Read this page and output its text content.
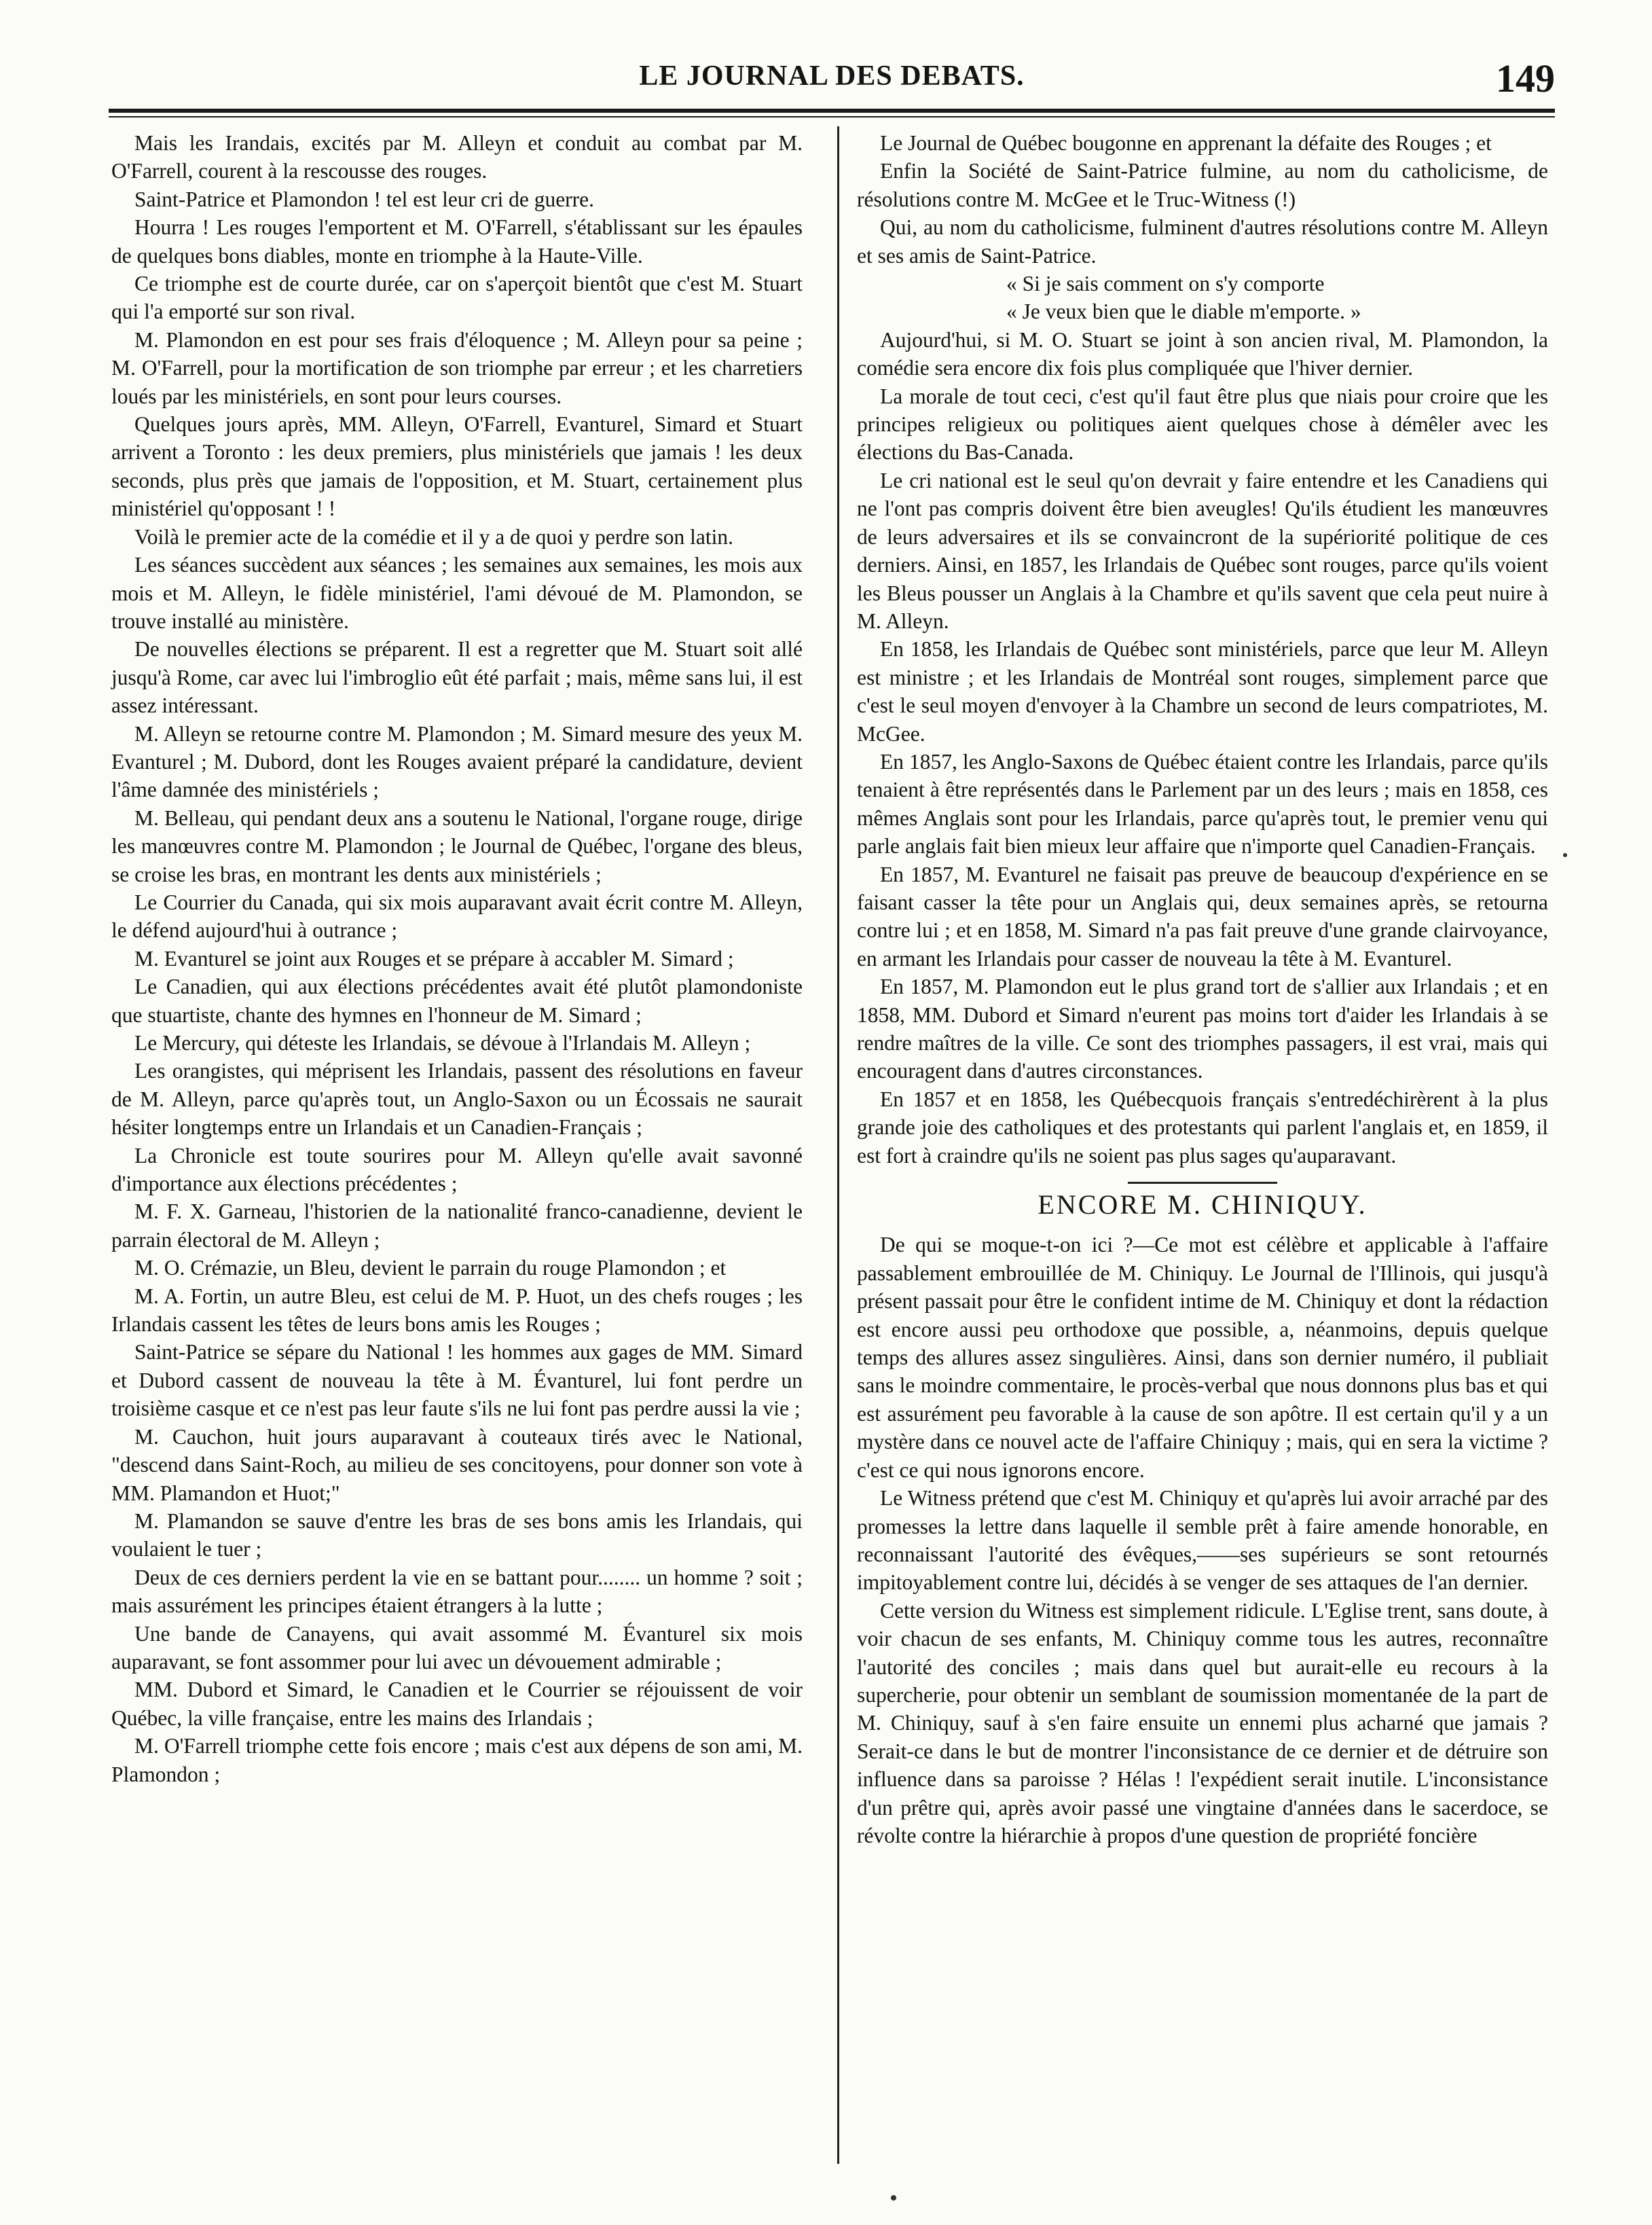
LE JOURNAL DES DEBATS.	149

Mais les Irandais, excités par M. Alleyn et conduit au combat par M. O'Farrell, courent à la rescousse des rouges.

Saint-Patrice et Plamondon ! tel est leur cri de guerre.

Hourra ! Les rouges l'emportent et M. O'Farrell, s'établissant sur les épaules de quelques bons diables, monte en triomphe à la Haute-Ville.

Ce triomphe est de courte durée, car on s'aperçoit bientôt que c'est M. Stuart qui l'a emporté sur son rival.

M. Plamondon en est pour ses frais d'éloquence ; M. Alleyn pour sa peine ; M. O'Farrell, pour la mortification de son triomphe par erreur ; et les charretiers loués par les ministériels, en sont pour leurs courses.

Quelques jours après, MM. Alleyn, O'Farrell, Evanturel, Simard et Stuart arrivent a Toronto : les deux premiers, plus ministériels que jamais ! les deux seconds, plus près que jamais de l'opposition, et M. Stuart, certainement plus ministériel qu'opposant ! !

Voilà le premier acte de la comédie et il y a de quoi y perdre son latin.

Les séances succèdent aux séances ; les semaines aux semaines, les mois aux mois et M. Alleyn, le fidèle ministériel, l'ami dévoué de M. Plamondon, se trouve installé au ministère.

De nouvelles élections se préparent. Il est a regretter que M. Stuart soit allé jusqu'à Rome, car avec lui l'imbroglio eût été parfait ; mais, même sans lui, il est assez intéressant.

M. Alleyn se retourne contre M. Plamondon ; M. Simard mesure des yeux M. Evanturel ; M. Dubord, dont les Rouges avaient préparé la candidature, devient l'âme damnée des ministériels ;

M. Belleau, qui pendant deux ans a soutenu le National, l'organe rouge, dirige les manœuvres contre M. Plamondon ; le Journal de Québec, l'organe des bleus, se croise les bras, en montrant les dents aux ministériels ;

Le Courrier du Canada, qui six mois auparavant avait écrit contre M. Alleyn, le défend aujourd'hui à outrance ;

M. Evanturel se joint aux Rouges et se prépare à accabler M. Simard ;

Le Canadien, qui aux élections précédentes avait été plutôt plamondoniste que stuartiste, chante des hymnes en l'honneur de M. Simard ;

Le Mercury, qui déteste les Irlandais, se dévoue à l'Irlandais M. Alleyn ;

Les orangistes, qui méprisent les Irlandais, passent des résolutions en faveur de M. Alleyn, parce qu'après tout, un Anglo-Saxon ou un Écossais ne saurait hésiter longtemps entre un Irlandais et un Canadien-Français ;

La Chronicle est toute sourires pour M. Alleyn qu'elle avait savonné d'importance aux élections précédentes ;

M. F. X. Garneau, l'historien de la nationalité franco-canadienne, devient le parrain électoral de M. Alleyn ;

M. O. Crémazie, un Bleu, devient le parrain du rouge Plamondon ; et

M. A. Fortin, un autre Bleu, est celui de M. P. Huot, un des chefs rouges ; les Irlandais cassent les têtes de leurs bons amis les Rouges ;

Saint-Patrice se sépare du National ! les hommes aux gages de MM. Simard et Dubord cassent de nouveau la tête à M. Évanturel, lui font perdre un troisième casque et ce n'est pas leur faute s'ils ne lui font pas perdre aussi la vie ;

M. Cauchon, huit jours auparavant à couteaux tirés avec le National, "descend dans Saint-Roch, au milieu de ses concitoyens, pour donner son vote à MM. Plamandon et Huot;"

M. Plamandon se sauve d'entre les bras de ses bons amis les Irlandais, qui voulaient le tuer ;

Deux de ces derniers perdent la vie en se battant pour........ un homme ? soit ; mais assurément les principes étaient étrangers à la lutte ;

Une bande de Canayens, qui avait assommé M. Évanturel six mois auparavant, se font assommer pour lui avec un dévouement admirable ;

MM. Dubord et Simard, le Canadien et le Courrier se réjouissent de voir Québec, la ville française, entre les mains des Irlandais ;

M. O'Farrell triomphe cette fois encore ; mais c'est aux dépens de son ami, M. Plamondon ;

Le Journal de Québec bougonne en apprenant la défaite des Rouges ; et

Enfin la Société de Saint-Patrice fulmine, au nom du catholicisme, de résolutions contre M. McGee et le Truc-Witness (!)

Qui, au nom du catholicisme, fulminent d'autres résolutions contre M. Alleyn et ses amis de Saint-Patrice.

« Si je sais comment on s'y comporte

« Je veux bien que le diable m'emporte. »

Aujourd'hui, si M. O. Stuart se joint à son ancien rival, M. Plamondon, la comédie sera encore dix fois plus compliquée que l'hiver dernier.

La morale de tout ceci, c'est qu'il faut être plus que niais pour croire que les principes religieux ou politiques aient quelques chose à démêler avec les élections du Bas-Canada.

Le cri national est le seul qu'on devrait y faire entendre et les Canadiens qui ne l'ont pas compris doivent être bien aveugles! Qu'ils étudient les manœuvres de leurs adversaires et ils se convaincront de la supériorité politique de ces derniers. Ainsi, en 1857, les Irlandais de Québec sont rouges, parce qu'ils voient les Bleus pousser un Anglais à la Chambre et qu'ils savent que cela peut nuire à M. Alleyn.

En 1858, les Irlandais de Québec sont ministériels, parce que leur M. Alleyn est ministre ; et les Irlandais de Montréal sont rouges, simplement parce que c'est le seul moyen d'envoyer à la Chambre un second de leurs compatriotes, M. McGee.

En 1857, les Anglo-Saxons de Québec étaient contre les Irlandais, parce qu'ils tenaient à être représentés dans le Parlement par un des leurs ; mais en 1858, ces mêmes Anglais sont pour les Irlandais, parce qu'après tout, le premier venu qui parle anglais fait bien mieux leur affaire que n'importe quel Canadien-Français.

En 1857, M. Evanturel ne faisait pas preuve de beaucoup d'expérience en se faisant casser la tête pour un Anglais qui, deux semaines après, se retourna contre lui ; et en 1858, M. Simard n'a pas fait preuve d'une grande clairvoyance, en armant les Irlandais pour casser de nouveau la tête à M. Evanturel.

En 1857, M. Plamondon eut le plus grand tort de s'allier aux Irlandais ; et en 1858, MM. Dubord et Simard n'eurent pas moins tort d'aider les Irlandais à se rendre maîtres de la ville. Ce sont des triomphes passagers, il est vrai, mais qui encouragent dans d'autres circonstances.

En 1857 et en 1858, les Québecquois français s'entredéchirèrent à la plus grande joie des catholiques et des protestants qui parlent l'anglais et, en 1859, il est fort à craindre qu'ils ne soient pas plus sages qu'auparavant.

ENCORE M. CHINIQUY.

De qui se moque-t-on ici ?—Ce mot est célèbre et applicable à l'affaire passablement embrouillée de M. Chiniquy. Le Journal de l'Illinois, qui jusqu'à présent passait pour être le confident intime de M. Chiniquy et dont la rédaction est encore aussi peu orthodoxe que possible, a, néanmoins, depuis quelque temps des allures assez singulières. Ainsi, dans son dernier numéro, il publiait sans le moindre commentaire, le procès-verbal que nous donnons plus bas et qui est assurément peu favorable à la cause de son apôtre. Il est certain qu'il y a un mystère dans ce nouvel acte de l'affaire Chiniquy ; mais, qui en sera la victime ? c'est ce qui nous ignorons encore.

Le Witness prétend que c'est M. Chiniquy et qu'après lui avoir arraché par des promesses la lettre dans laquelle il semble prêt à faire amende honorable, en reconnaissant l'autorité des évêques,——ses supérieurs se sont retournés impitoyablement contre lui, décidés à se venger de ses attaques de l'an dernier.

Cette version du Witness est simplement ridicule. L'Eglise trent, sans doute, à voir chacun de ses enfants, M. Chiniquy comme tous les autres, reconnaître l'autorité des conciles ; mais dans quel but aurait-elle eu recours à la supercherie, pour obtenir un semblant de soumission momentanée de la part de M. Chiniquy, sauf à s'en faire ensuite un ennemi plus acharné que jamais ? Serait-ce dans le but de montrer l'inconsistance de ce dernier et de détruire son influence dans sa paroisse ? Hélas ! l'expédient serait inutile. L'inconsistance d'un prêtre qui, après avoir passé une vingtaine d'années dans le sacerdoce, se révolte contre la hiérarchie à propos d'une question de propriété foncière
